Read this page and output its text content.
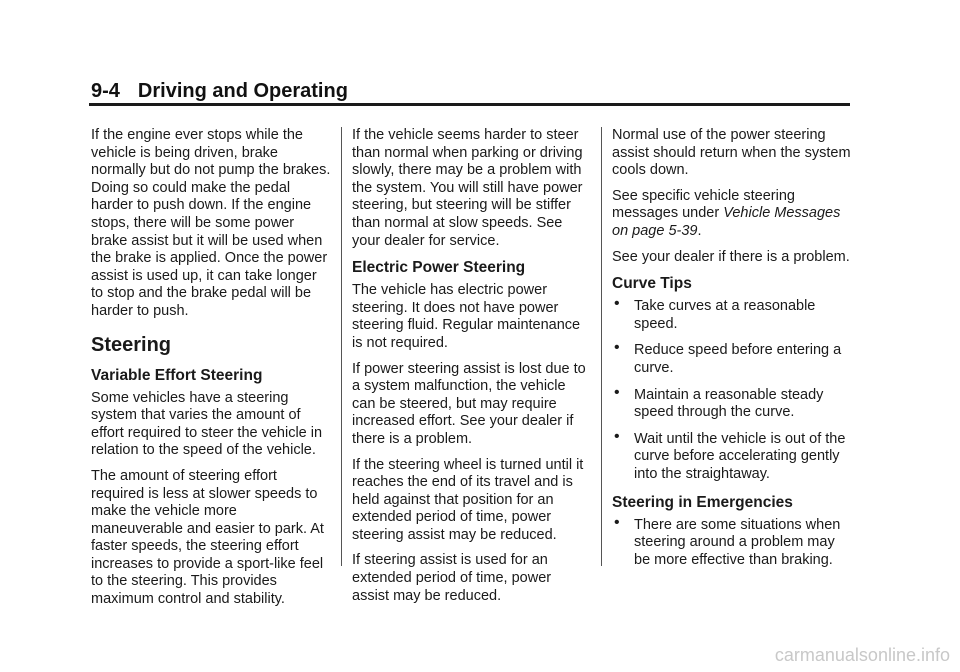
9-4 Driving and Operating

If the engine ever stops while the vehicle is being driven, brake normally but do not pump the brakes. Doing so could make the pedal harder to push down. If the engine stops, there will be some power brake assist but it will be used when the brake is applied. Once the power assist is used up, it can take longer to stop and the brake pedal will be harder to push.

Steering
Variable Effort Steering

Some vehicles have a steering system that varies the amount of effort required to steer the vehicle in relation to the speed of the vehicle.

The amount of steering effort required is less at slower speeds to make the vehicle more maneuverable and easier to park. At faster speeds, the steering effort increases to provide a sport-like feel to the steering. This provides maximum control and stability.

If the vehicle seems harder to steer than normal when parking or driving slowly, there may be a problem with the system. You will still have power steering, but steering will be stiffer than normal at slow speeds. See your dealer for service.

Electric Power Steering

The vehicle has electric power steering. It does not have power steering fluid. Regular maintenance is not required.

If power steering assist is lost due to a system malfunction, the vehicle can be steered, but may require increased effort. See your dealer if there is a problem.

If the steering wheel is turned until it reaches the end of its travel and is held against that position for an extended period of time, power steering assist may be reduced.

If steering assist is used for an extended period of time, power assist may be reduced.

Normal use of the power steering assist should return when the system cools down.

See specific vehicle steering messages under Vehicle Messages on page 5-39.

See your dealer if there is a problem.

Curve Tips
• Take curves at a reasonable speed.
• Reduce speed before entering a curve.
• Maintain a reasonable steady speed through the curve.
• Wait until the vehicle is out of the curve before accelerating gently into the straightaway.
Steering in Emergencies
• There are some situations when steering around a problem may be more effective than braking.
carmanualsonline.info
